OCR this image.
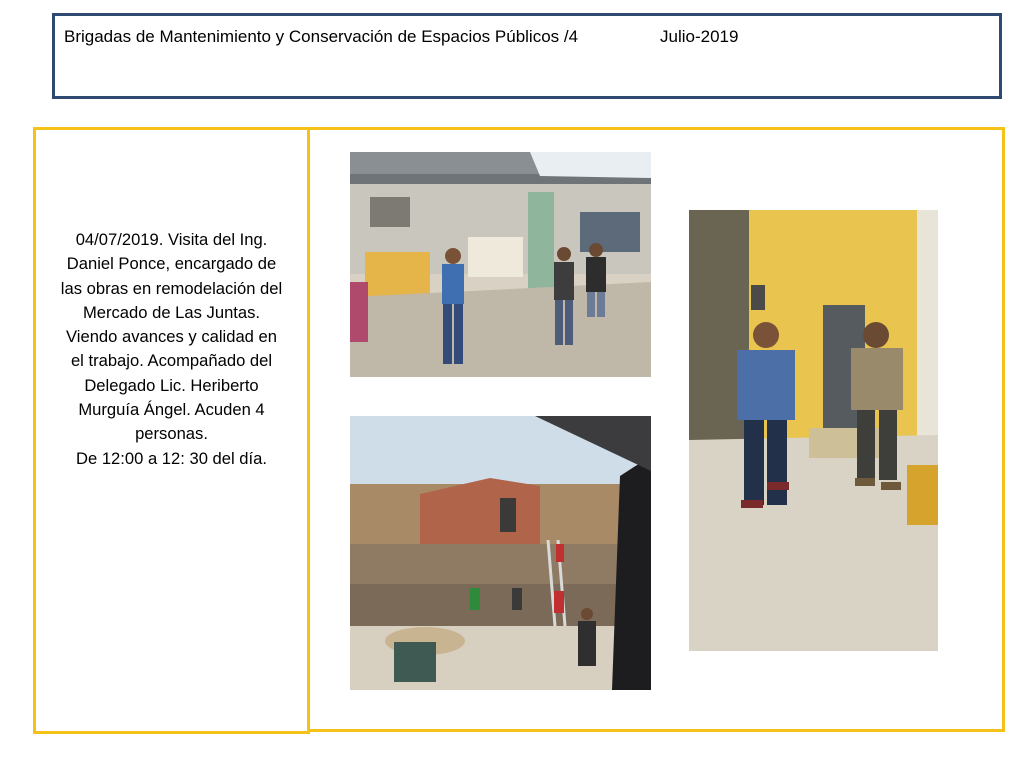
Brigadas de Mantenimiento y Conservación de Espacios Públicos /4	Julio-2019

04/07/2019. Visita del Ing. Daniel Ponce, encargado de las obras en remodelación del Mercado de Las Juntas. Viendo avances y calidad en el trabajo. Acompañado del Delegado Lic. Heriberto Murguía Ángel. Acuden 4 personas.

De 12:00 a 12: 30 del día.
